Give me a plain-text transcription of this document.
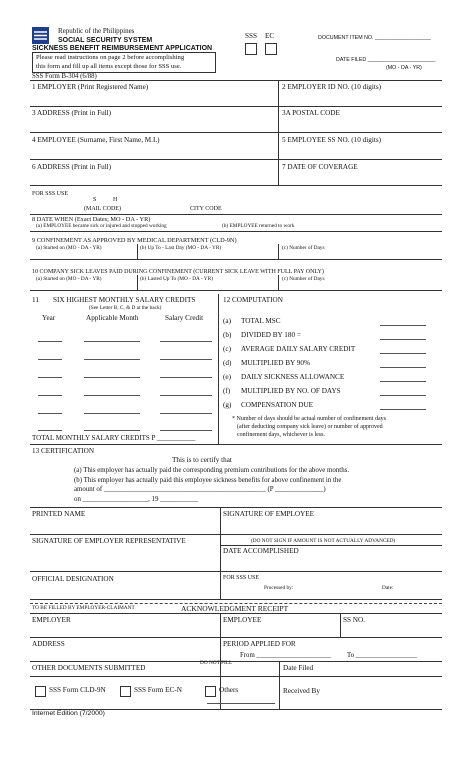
Republic of the Philippines
SOCIAL SECURITY SYSTEM
SICKNESS BENEFIT REIMBURSEMENT APPLICATION
Please read instructions on page 2 before accomplishing
this form and fill up all items except those for SSS use.
SSS Form B-304 (6/88)
SSS EC	DOCUMENT ITEM NO. ___________________
DATE FILED _______________________
(MO - DA - YR)
1 EMPLOYER (Print Registered Name)	2 EMPLOYER ID NO. (10 digits)
3 ADDRESS (Print in Full)	3A POSTAL CODE
4 EMPLOYEE (Surname, First Name, M.I.)	5 EMPLOYEE SS NO. (10 digits)
6 ADDRESS (Print in Full)	7 DATE OF COVERAGE
FOR SSS USE
S	H
(MAIL CODE)	CITY CODE
8 DATE WHEN (Exact Dates; MO - DA - YR)
(a) EMPLOYEE became sick or injured and stopped working	(b) EMPLOYEE returned to work
9 CONFINEMENT AS APPROVED BY MEDICAL DEPARTMENT (CLD-9N)
(a) Started on (MO - DA - YR)	(b) Up To - Last Day (MO - DA - YR)	(c) Number of Days
10 COMPANY SICK LEAVES PAID DURING CONFINEMENT (CURRENT SICK LEAVE WITH FULL PAY ONLY)
(a) Started on (MO - DA - YR)	(b) Lasted Up To (MO - DA - YR)	(c) Number of Days
11 SIX HIGHEST MONTHLY SALARY CREDITS
(See Letter B, C, & D at the back)
Year	Applicable Month	Salary Credit
TOTAL MONTHLY SALARY CREDITS P ___________
12 COMPUTATION
(a) TOTAL MSC
(b) DIVIDED BY 180 =
(c) AVERAGE DAILY SALARY CREDIT
(d) MULTIPLIED BY 90%
(e) DAILY SICKNESS ALLOWANCE
(f) MULTIPLIED BY NO. OF DAYS
(g) COMPENSATION DUE
* Number of days should be actual number of confinement days
(after deducting company sick leave) or number of approved
confinement days, whichever is less.
13 CERTIFICATION
This is to certify that
(a) This employer has actually paid the corresponding premium contributions for the above months.
(b) This employer has actually paid this employee sickness benefits for above confinement in the
amount of _______________________________________________ (P ______________)
on ___________________, 19 ___________
PRINTED NAME	SIGNATURE OF EMPLOYEE
SIGNATURE OF EMPLOYER REPRESENTATIVE	(DO NOT SIGN IF AMOUNT IS NOT ACTUALLY ADVANCED)
DATE ACCOMPLISHED
OFFICIAL DESIGNATION	FOR SSS USE
Processed by:	Date:
TO BE FILLED BY EMPLOYER-CLAIMANT	ACKNOWLEDGMENT RECEIPT
EMPLOYER	EMPLOYEE	SS NO.
ADDRESS	PERIOD APPLIED FOR
From ______________________ To __________________
OTHER DOCUMENTS SUBMITTED
DO NOT FILL
Date Filed
SSS Form CLD-9N	SSS Form EC-N	Others	Received By
Internet Edition (7/2000)
